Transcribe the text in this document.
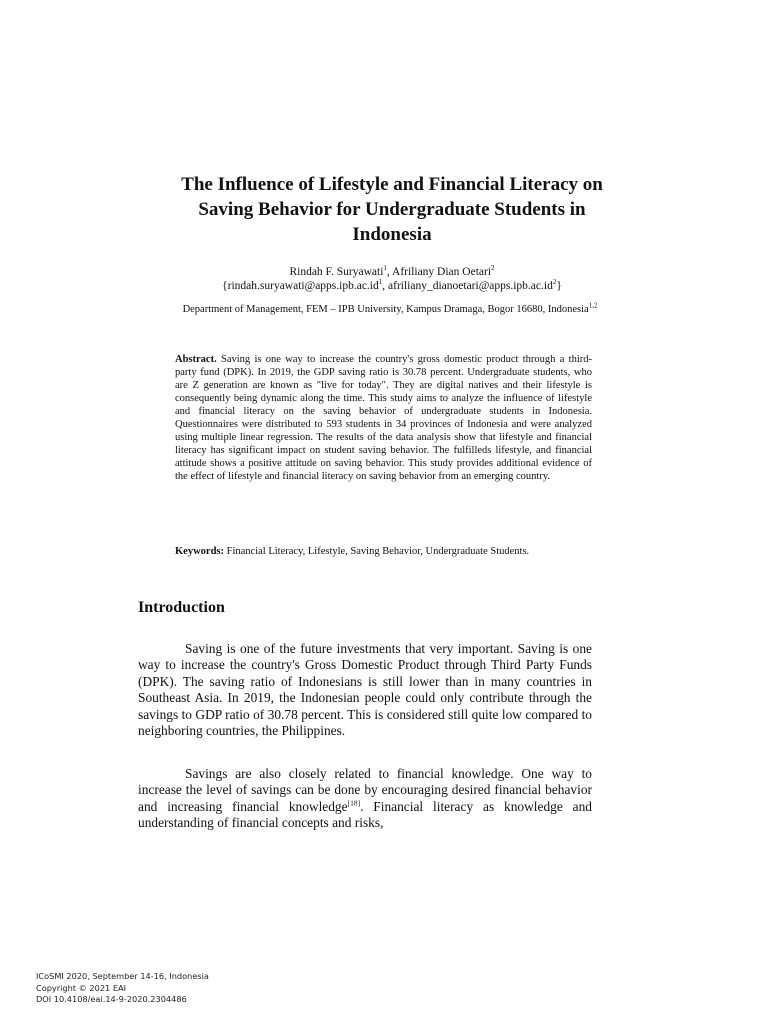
The Influence of Lifestyle and Financial Literacy on
Saving Behavior for Undergraduate Students in
Indonesia
Rindah F. Suryawati$^1$, Afriliany Dian Oetari$^2$
{$rindah.suryawati@apps.ipb.ac.id^1$, $afriliany\_dianoetari@apps.ipb.ac.id^2$}
Department of Management, FEM – IPB University, Kampus Dramaga, Bogor 16680, Indonesia$^{1,2}$
Abstract. Saving is one way to increase the country's gross domestic product through a third- party fund (DPK). In 2019, the GDP saving ratio is 30.78 percent. Undergraduate students, who are Z generation are known as "live for today". They are digital natives and their lifestyle is consequently being dynamic along the time. This study aims to analyze the influence of lifestyle and financial literacy on the saving behavior of undergraduate students in Indonesia. Questionnaires were distributed to 593 students in 34 provinces of Indonesia and were analyzed using multiple linear regression. The results of the data analysis show that lifestyle and financial literacy has significant impact on student saving behavior. The fulfilleds lifestyle, and financial attitude shows a positive attitude on saving behavior. This study provides additional evidence of the effect of lifestyle and financial literacy on saving behavior from an emerging country.
Keywords: Financial Literacy, Lifestyle, Saving Behavior, Undergraduate Students.
Introduction

Saving is one of the future investments that very important. Saving is one way to increase the country's Gross Domestic Product through Third Party Funds (DPK). The saving ratio of Indonesians is still lower than in many countries in Southeast Asia. In 2019, the Indonesian people could only contribute through the savings to GDP ratio of 30.78 percent. This is considered still quite low compared to neighboring countries, the Philippines.

Savings are also closely related to financial knowledge. One way to increase the level of savings can be done by encouraging desired financial behavior and increasing financial knowledge[18]. Financial literacy as knowledge and understanding of financial concepts and risks,

ICoSMI 2020, September 14-16, Indonesia
Copyright © 2021 EAI
DOI 10.4108/eai.14-9-2020.2304486
